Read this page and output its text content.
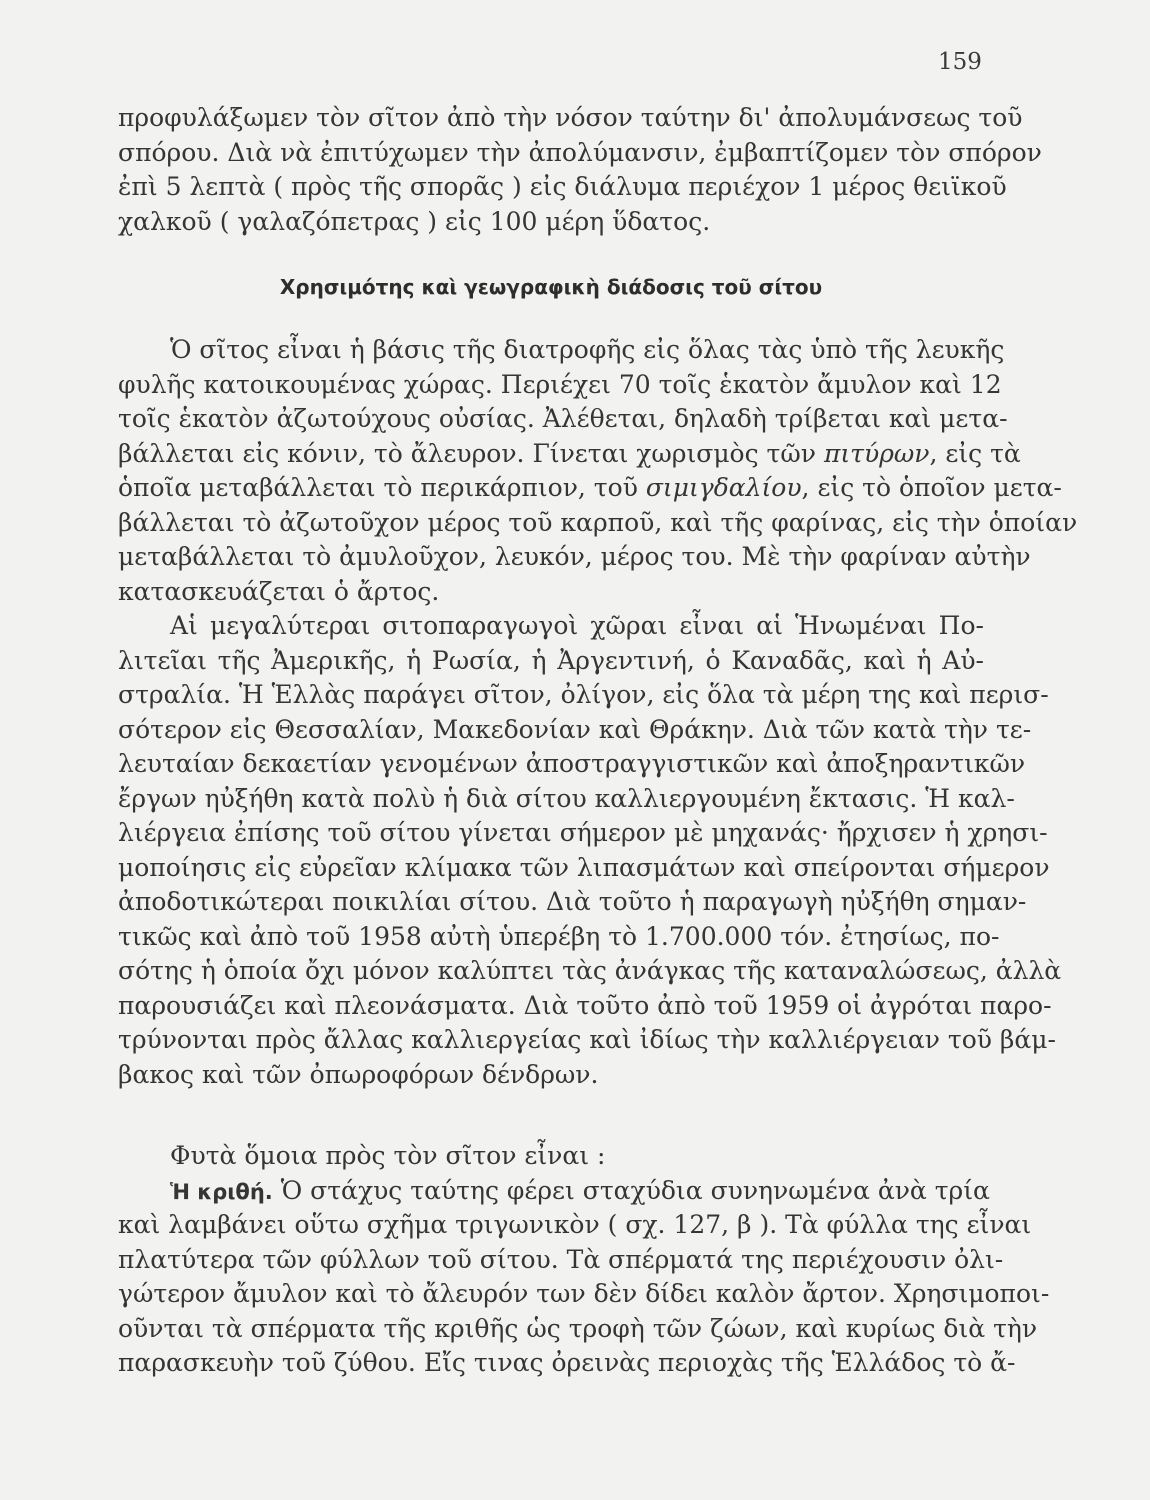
159
προφυλάξωμεν τὸν σῖτον ἀπὸ τὴν νόσον ταύτην δι' ἀπολυμάνσεως τοῦ
σπόρου. Διὰ νὰ ἐπιτύχωμεν τὴν ἀπολύμανσιν, ἐμβαπτίζομεν τὸν σπόρον
ἐπὶ 5 λεπτὰ ( πρὸς τῆς σπορᾶς ) εἰς διάλυμα περιέχον 1 μέρος θειϊκοῦ
χαλκοῦ ( γαλαζόπετρας ) εἰς 100 μέρη ὕδατος.
Χρησιμότης καὶ γεωγραφικὴ διάδοσις τοῦ σίτου
Ὁ σῖτος εἶναι ἡ βάσις τῆς διατροφῆς εἰς ὅλας τὰς ὑπὸ τῆς λευκῆς
φυλῆς κατοικουμένας χώρας. Περιέχει 70 τοῖς ἑκατὸν ἄμυλον καὶ 12
τοῖς ἑκατὸν ἀζωτούχους οὐσίας. Ἀλέθεται, δηλαδὴ τρίβεται καὶ μετα-
βάλλεται εἰς κόνιν, τὸ ἄλευρον. Γίνεται χωρισμὸς τῶν πιτύρων, εἰς τὰ
ὁποῖα μεταβάλλεται τὸ περικάρπιον, τοῦ σιμιγδαλίου, εἰς τὸ ὁποῖον μετα-
βάλλεται τὸ ἀζωτοῦχον μέρος τοῦ καρποῦ, καὶ τῆς φαρίνας, εἰς τὴν ὁποίαν
μεταβάλλεται τὸ ἀμυλοῦχον, λευκόν, μέρος του. Μὲ τὴν φαρίναν αὐτὴν
κατασκευάζεται ὁ ἄρτος.
Αἱ μεγαλύτεραι σιτοπαραγωγοὶ χῶραι εἶναι αἱ Ἡνωμέναι Πο-
λιτεῖαι τῆς Ἀμερικῆς, ἡ Ρωσία, ἡ Ἀργεντινή, ὁ Καναδᾶς, καὶ ἡ Αὐ-
στραλία. Ἡ Ἑλλὰς παράγει σῖτον, ὀλίγον, εἰς ὅλα τὰ μέρη της καὶ περισ-
σότερον εἰς Θεσσαλίαν, Μακεδονίαν καὶ Θράκην. Διὰ τῶν κατὰ τὴν τε-
λευταίαν δεκαετίαν γενομένων ἀποστραγγιστικῶν καὶ ἀποξηραντικῶν
ἔργων ηὐξήθη κατὰ πολὺ ἡ διὰ σίτου καλλιεργουμένη ἔκτασις. Ἡ καλ-
λιέργεια ἐπίσης τοῦ σίτου γίνεται σήμερον μὲ μηχανάς· ἤρχισεν ἡ χρησι-
μοποίησις εἰς εὐρεῖαν κλίμακα τῶν λιπασμάτων καὶ σπείρονται σήμερον
ἀποδοτικώτεραι ποικιλίαι σίτου. Διὰ τοῦτο ἡ παραγωγὴ ηὐξήθη σημαν-
τικῶς καὶ ἀπὸ τοῦ 1958 αὐτὴ ὑπερέβη τὸ 1.700.000 τόν. ἐτησίως, πο-
σότης ἡ ὁποία ὄχι μόνον καλύπτει τὰς ἀνάγκας τῆς καταναλώσεως, ἀλλὰ
παρουσιάζει καὶ πλεονάσματα. Διὰ τοῦτο ἀπὸ τοῦ 1959 οἱ ἀγρόται παρο-
τρύνονται πρὸς ἄλλας καλλιεργείας καὶ ἰδίως τὴν καλλιέργειαν τοῦ βάμ-
βακος καὶ τῶν ὀπωροφόρων δένδρων.
Φυτὰ ὅμοια πρὸς τὸν σῖτον εἶναι :
Ἡ κριθή. Ὁ στάχυς ταύτης φέρει σταχύδια συνηνωμένα ἀνὰ τρία
καὶ λαμβάνει οὕτω σχῆμα τριγωνικὸν ( σχ. 127, β ). Τὰ φύλλα της εἶναι
πλατύτερα τῶν φύλλων τοῦ σίτου. Τὰ σπέρματά της περιέχουσιν ὀλι-
γώτερον ἄμυλον καὶ τὸ ἄλευρόν των δὲν δίδει καλὸν ἄρτον. Χρησιμοποι-
οῦνται τὰ σπέρματα τῆς κριθῆς ὡς τροφὴ τῶν ζώων, καὶ κυρίως διὰ τὴν
παρασκευὴν τοῦ ζύθου. Εἴς τινας ὀρεινὰς περιοχὰς τῆς Ἑλλάδος τὸ ἄ-
